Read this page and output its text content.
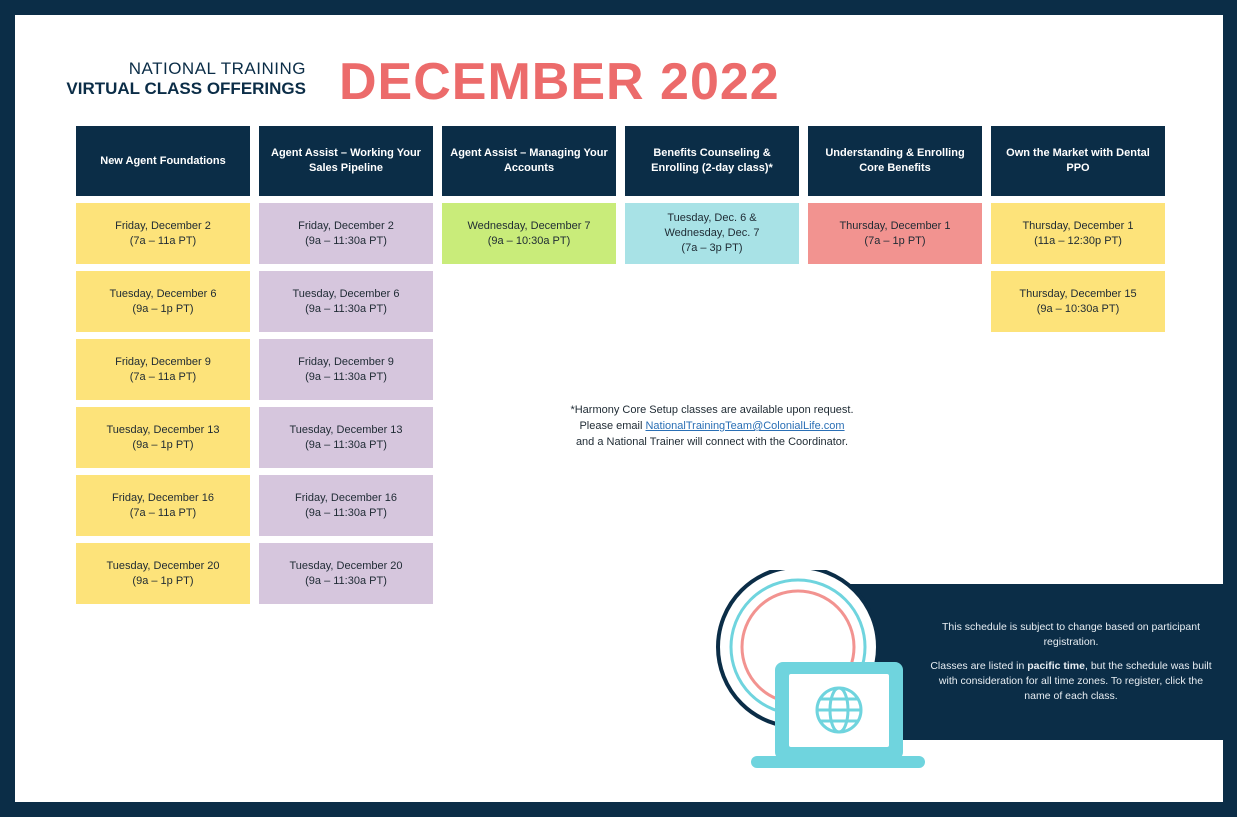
NATIONAL TRAINING
VIRTUAL CLASS OFFERINGS DECEMBER 2022
New Agent Foundations
Friday, December 2
(7a – 11a PT)
Tuesday, December 6
(9a – 1p PT)
Friday, December 9
(7a – 11a PT)
Tuesday, December 13
(9a – 1p PT)
Friday, December 16
(7a – 11a PT)
Tuesday, December 20
(9a – 1p PT)
Agent Assist – Working Your Sales Pipeline
Friday, December 2
(9a – 11:30a PT)
Tuesday, December 6
(9a – 11:30a PT)
Friday, December 9
(9a – 11:30a PT)
Tuesday, December 13
(9a – 11:30a PT)
Friday, December 16
(9a – 11:30a PT)
Tuesday, December 20
(9a – 11:30a PT)
Agent Assist – Managing Your Accounts
Wednesday, December 7
(9a – 10:30a PT)
Benefits Counseling & Enrolling (2-day class)*
Tuesday, Dec. 6 &
Wednesday, Dec. 7
(7a – 3p PT)
Understanding & Enrolling Core Benefits
Thursday, December 1
(7a – 1p PT)
Own the Market with Dental PPO
Thursday, December 1
(11a – 12:30p PT)
Thursday, December 15
(9a – 10:30a PT)
*Harmony Core Setup classes are available upon request.
Please email NationalTrainingTeam@ColonialLife.com
and a National Trainer will connect with the Coordinator.

This schedule is subject to change based on participant registration.

Classes are listed in pacific time, but the schedule was built with consideration for all time zones. To register, click the name of each class.
